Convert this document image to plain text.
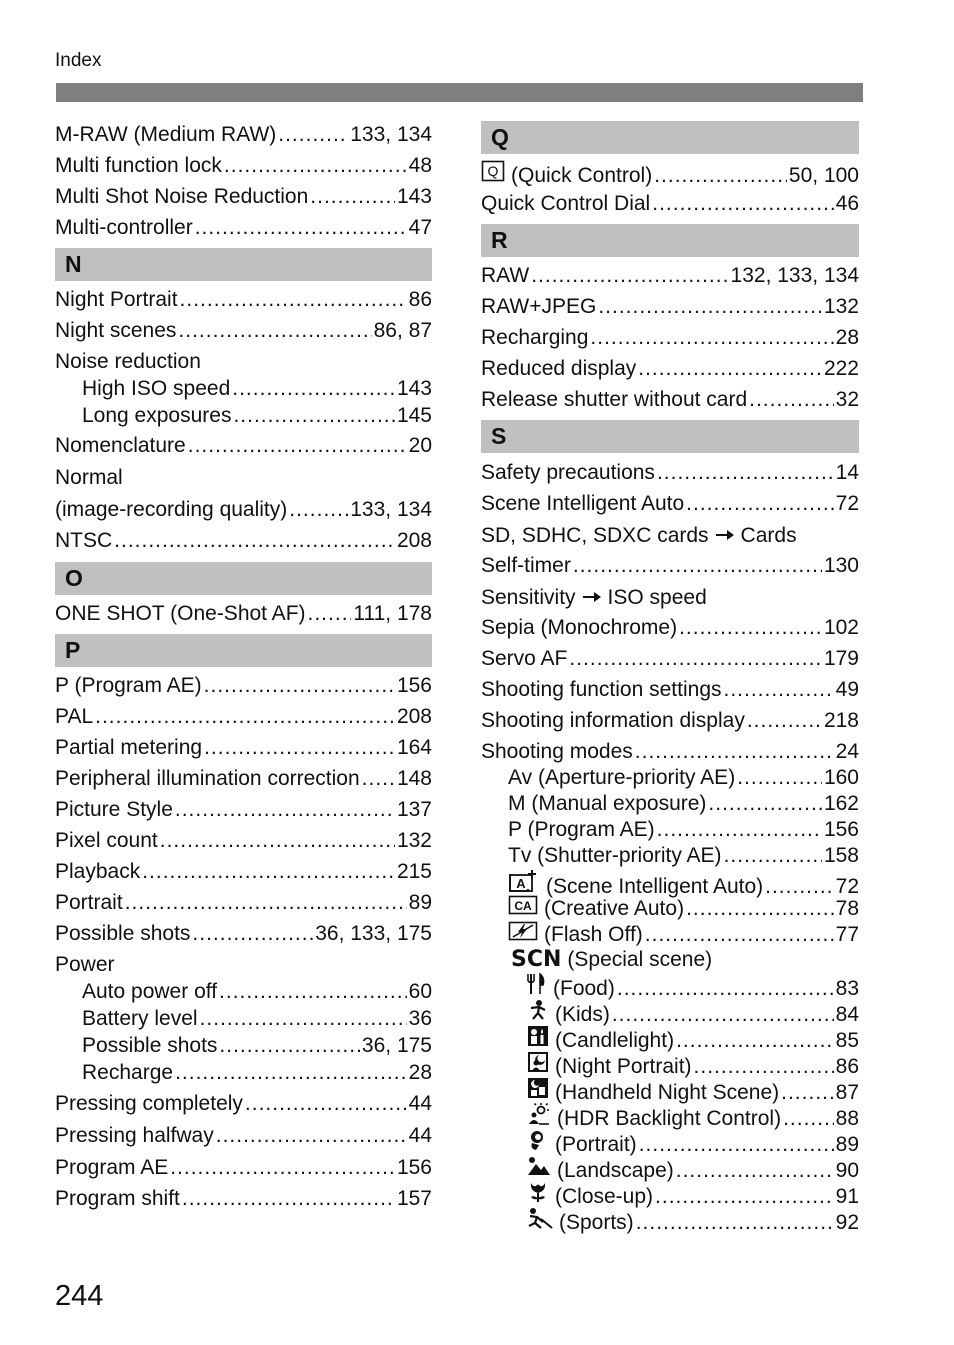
Index
M-RAW (Medium RAW) .....	133, 134
Multi function lock .....	48
Multi Shot Noise Reduction .....	143
Multi-controller .....	47
N
Night Portrait .....	86
Night scenes .....	86, 87
Noise reduction
High ISO speed .....	143
Long exposures .....	145
Nomenclature .....	20
Normal
(image-recording quality) .....	133, 134
NTSC .....	208
O
ONE SHOT (One-Shot AF) ..... 111, 178
P
P (Program AE) .....	156
PAL .....	208
Partial metering .....	164
Peripheral illumination correction ..... 148
Picture Style .....	137
Pixel count .....	132
Playback .....	215
Portrait .....	89
Possible shots .....	36, 133, 175
Power
Auto power off .....	60
Battery level .....	36
Possible shots .....	36, 175
Recharge .....	28
Pressing completely .....	44
Pressing halfway .....	44
Program AE .....	156
Program shift .....	157
Q
Q (Quick Control) .....	50, 100
Quick Control Dial .....	46
R
RAW .....	132, 133, 134
RAW+JPEG .....	132
Recharging .....	28
Reduced display .....	222
Release shutter without card .....	32
S
Safety precautions .....	14
Scene Intelligent Auto .....	72
SD, SDHC, SDXC cards Cards
Self-timer .....	130
Sensitivity ISO speed
Sepia (Monochrome) .....	102
Servo AF .....	179
Shooting function settings .....	49
Shooting information display .....	218
Shooting modes .....	24
Av (Aperture-priority AE) .....	160
M (Manual exposure) .....	162
P (Program AE) .....	156
Tv (Shutter-priority AE) .....	158
A (Scene Intelligent Auto) .....	72
CA (Creative Auto) .....	78
(Flash Off) .....	77
SCN (Special scene)
(Food) .....	83
(Kids) .....	84
(Candlelight) .....	85
(Night Portrait) .....	86
(Handheld Night Scene) .....	87
(HDR Backlight Control) .....	88
(Portrait) .....	89
(Landscape) .....	90
(Close-up) .....	91
(Sports) .....	92
244
